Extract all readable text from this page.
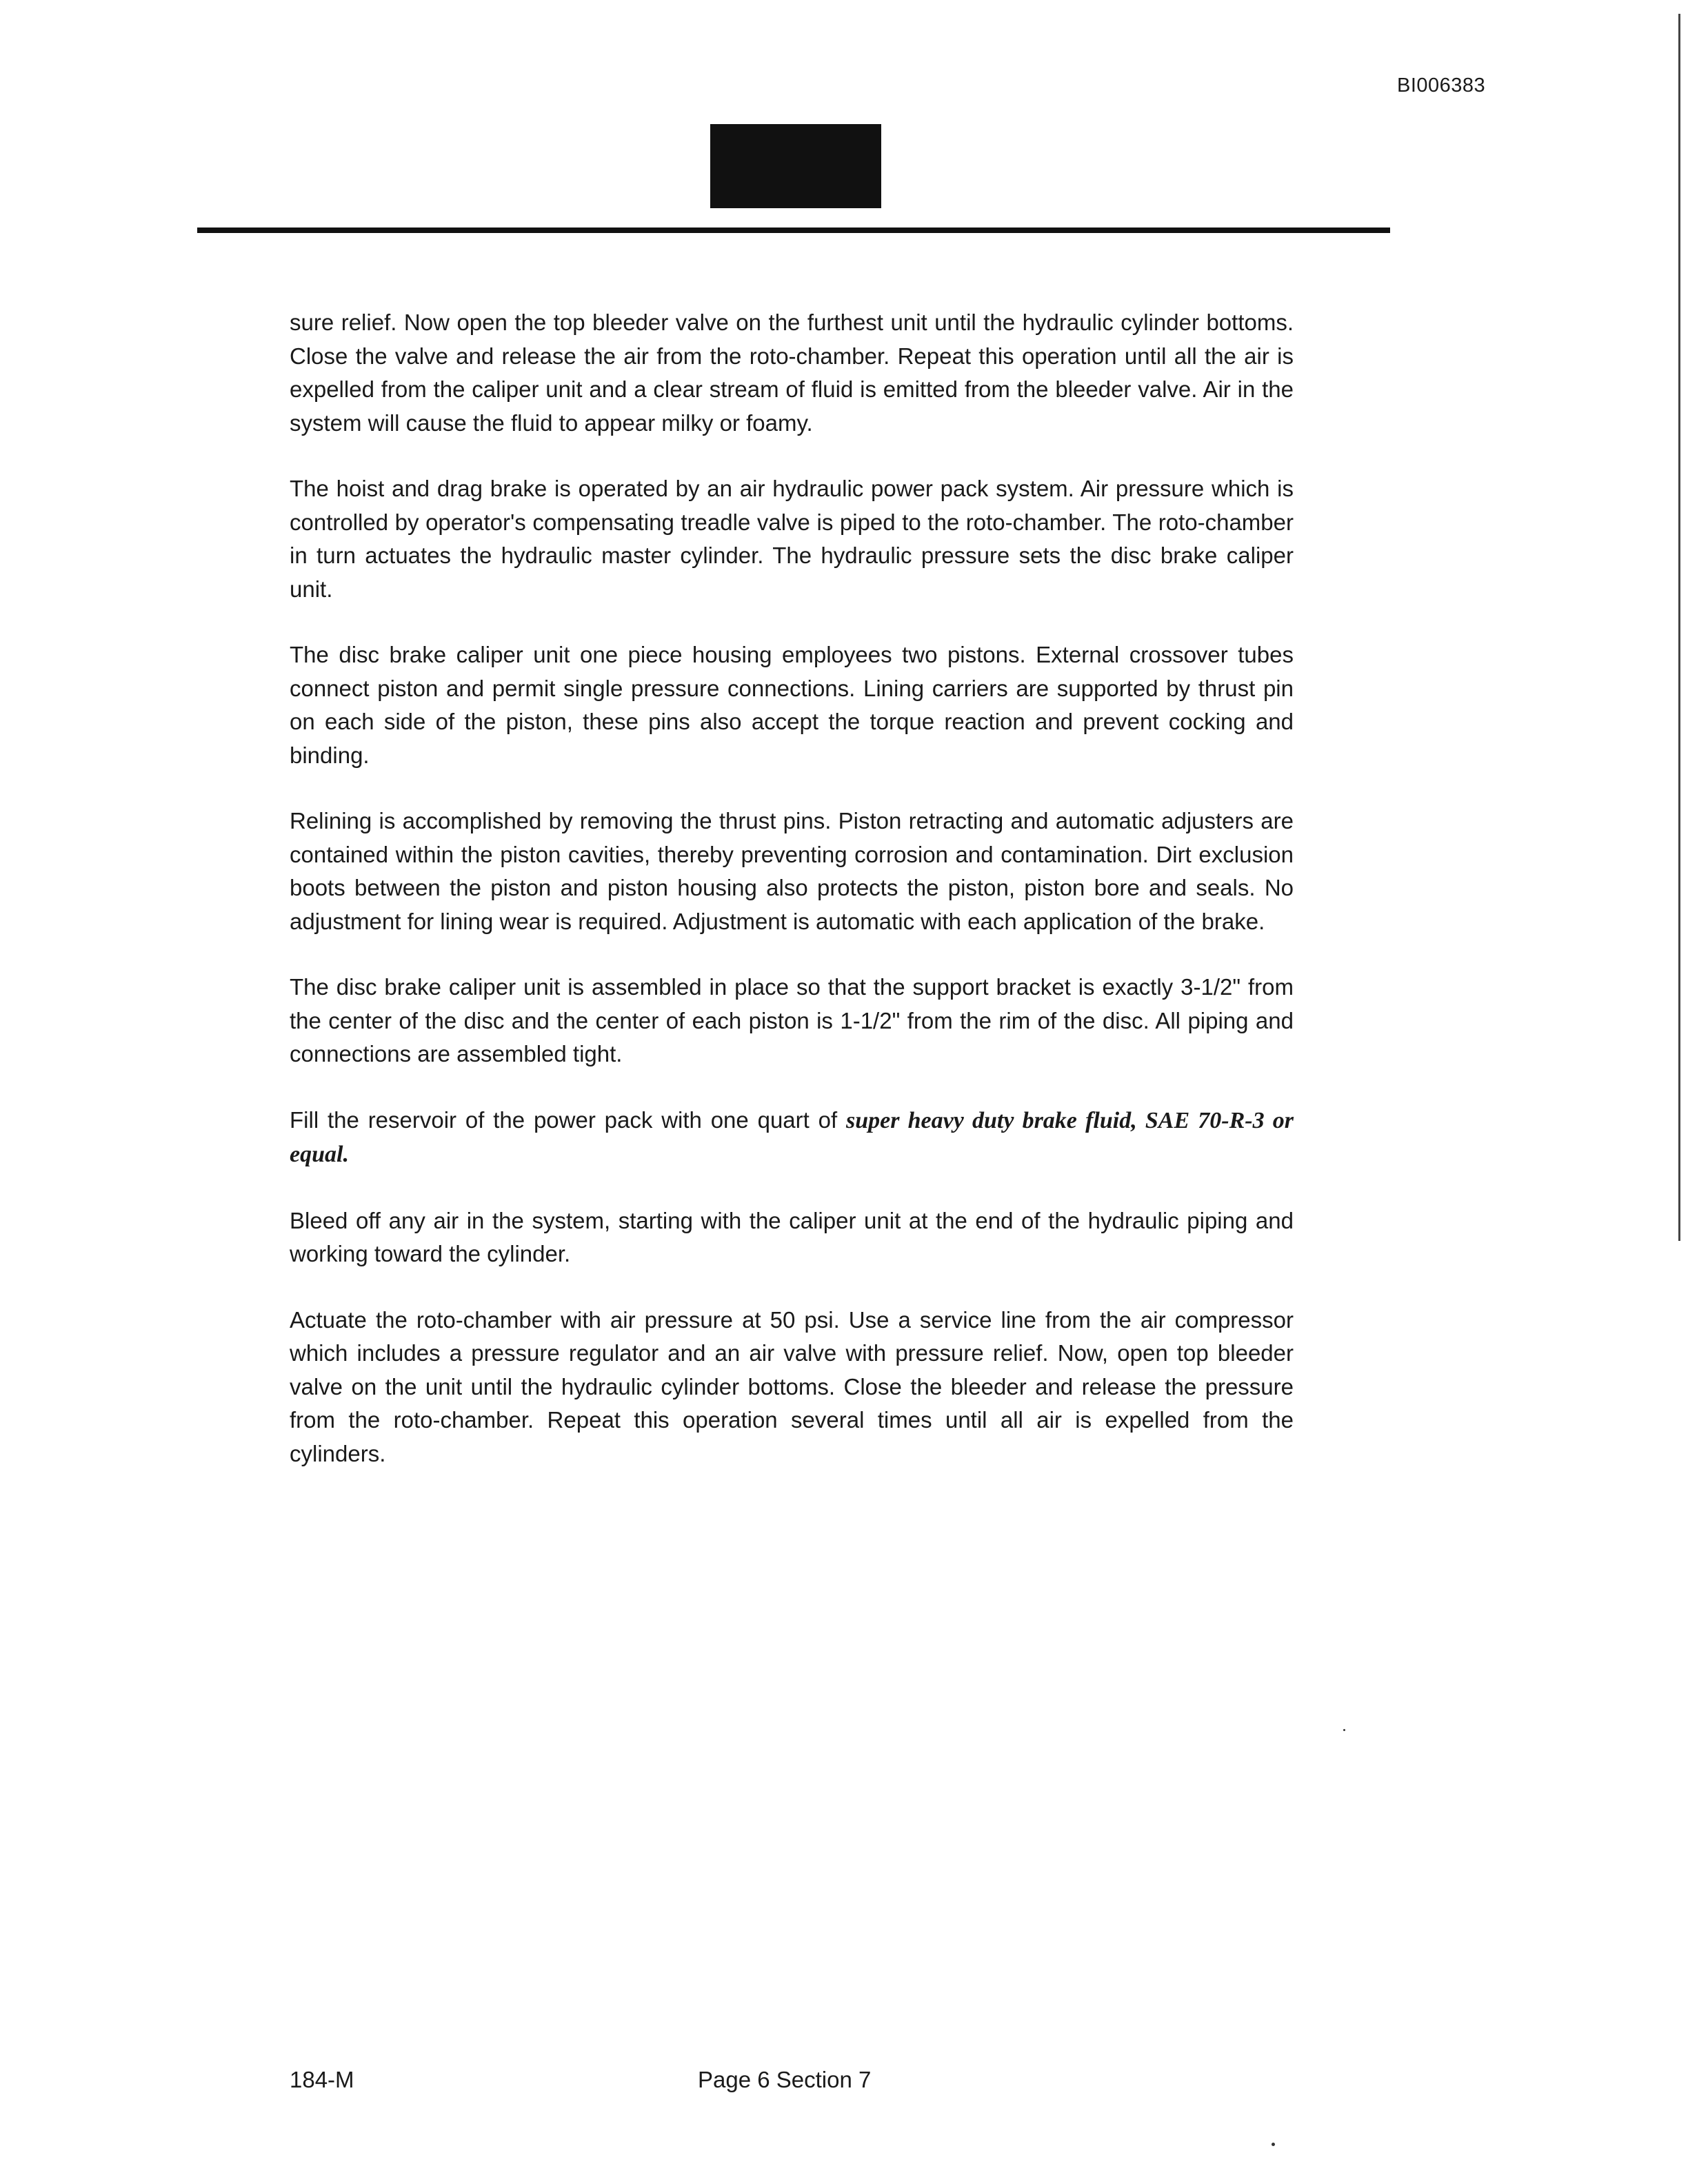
BI006383

sure relief. Now open the top bleeder valve on the furthest unit until the hydraulic cylinder bottoms. Close the valve and release the air from the roto-chamber. Repeat this operation until all the air is expelled from the caliper unit and a clear stream of fluid is emitted from the bleeder valve. Air in the system will cause the fluid to appear milky or foamy.

The hoist and drag brake is operated by an air hydraulic power pack system. Air pressure which is controlled by operator's compensating treadle valve is piped to the roto-chamber. The roto-chamber in turn actuates the hydraulic master cylinder. The hydraulic pressure sets the disc brake caliper unit.

The disc brake caliper unit one piece housing employees two pistons. External crossover tubes connect piston and permit single pressure connections. Lining carriers are supported by thrust pin on each side of the piston, these pins also accept the torque reaction and prevent cocking and binding.

Relining is accomplished by removing the thrust pins. Piston retracting and automatic adjusters are contained within the piston cavities, thereby preventing corrosion and contamination. Dirt exclusion boots between the piston and piston housing also protects the piston, piston bore and seals. No adjustment for lining wear is required. Adjustment is automatic with each application of the brake.

The disc brake caliper unit is assembled in place so that the support bracket is exactly 3-1/2" from the center of the disc and the center of each piston is 1-1/2" from the rim of the disc. All piping and connections are assembled tight.

Fill the reservoir of the power pack with one quart of super heavy duty brake fluid, SAE 70-R-3 or equal.

Bleed off any air in the system, starting with the caliper unit at the end of the hydraulic piping and working toward the cylinder.

Actuate the roto-chamber with air pressure at 50 psi. Use a service line from the air compressor which includes a pressure regulator and an air valve with pressure relief. Now, open top bleeder valve on the unit until the hydraulic cylinder bottoms. Close the bleeder and release the pressure from the roto-chamber. Repeat this operation several times until all air is expelled from the cylinders.

184-M	Page 6 Section 7
